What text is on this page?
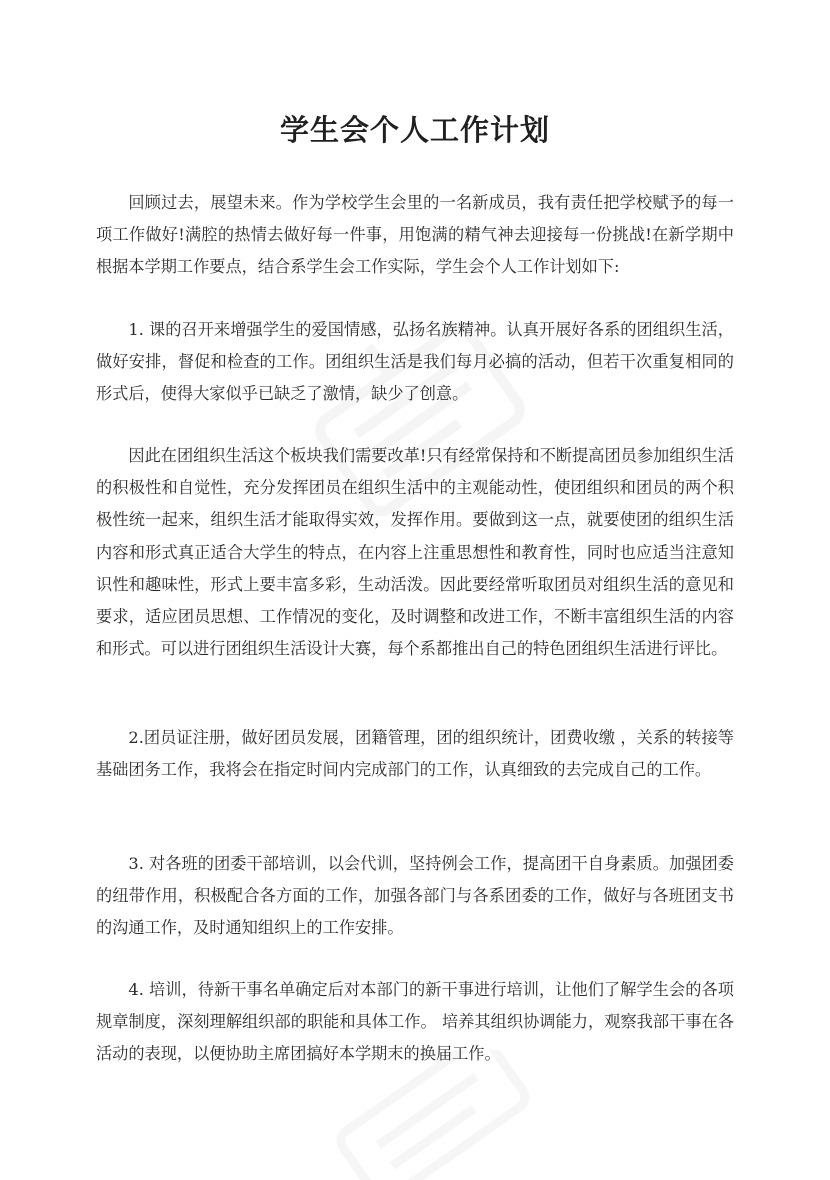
学生会个人工作计划

回顾过去，展望未来。作为学校学生会里的一名新成员，我有责任把学校赋予的每一项工作做好!满腔的热情去做好每一件事，用饱满的精气神去迎接每一份挑战!在新学期中根据本学期工作要点，结合系学生会工作实际，学生会个人工作计划如下:

1. 课的召开来增强学生的爱国情感，弘扬名族精神。认真开展好各系的团组织生活，做好安排，督促和检查的工作。团组织生活是我们每月必搞的活动，但若干次重复相同的形式后，使得大家似乎已缺乏了激情，缺少了创意。

因此在团组织生活这个板块我们需要改革!只有经常保持和不断提高团员参加组织生活的积极性和自觉性，充分发挥团员在组织生活中的主观能动性，使团组织和团员的两个积极性统一起来，组织生活才能取得实效，发挥作用。要做到这一点，就要使团的组织生活内容和形式真正适合大学生的特点，在内容上注重思想性和教育性，同时也应适当注意知识性和趣味性，形式上要丰富多彩，生动活泼。因此要经常听取团员对组织生活的意见和要求，适应团员思想、工作情况的变化，及时调整和改进工作，不断丰富组织生活的内容和形式。可以进行团组织生活设计大赛，每个系都推出自己的特色团组织生活进行评比。

2.团员证注册，做好团员发展，团籍管理，团的组织统计，团费收缴 ，关系的转接等基础团务工作，我将会在指定时间内完成部门的工作，认真细致的去完成自己的工作。

3. 对各班的团委干部培训，以会代训，坚持例会工作，提高团干自身素质。加强团委的纽带作用，积极配合各方面的工作，加强各部门与各系团委的工作，做好与各班团支书的沟通工作，及时通知组织上的工作安排。

4. 培训，待新干事名单确定后对本部门的新干事进行培训，让他们了解学生会的各项规章制度，深刻理解组织部的职能和具体工作。 培养其组织协调能力，观察我部干事在各活动的表现，以便协助主席团搞好本学期末的换届工作。
